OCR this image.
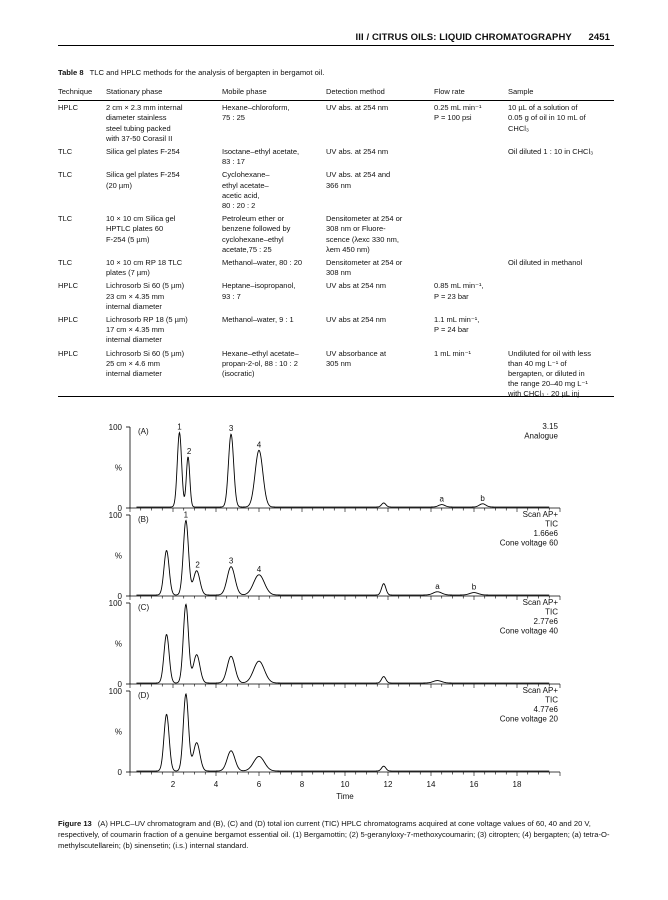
III / CITRUS OILS: LIQUID CHROMATOGRAPHY 2451
Table 8 TLC and HPLC methods for the analysis of bergapten in bergamot oil.
Technique	Stationary phase	Mobile phase	Detection method	Flow rate	Sample
HPLC	2 cm × 2.3 mm internal
diameter stainless
steel tubing packed
with 37-50 Corasil II	Hexane–chloroform,
75 : 25	UV abs. at 254 nm	0.25 mL min⁻¹
P = 100 psi	10 µL of a solution of
0.05 g of oil in 10 mL of
CHCl₃
TLC	Silica gel plates F-254	Isoctane–ethyl acetate,
83 : 17	UV abs. at 254 nm		Oil diluted 1 : 10 in CHCl₃
TLC	Silica gel plates F-254
(20 µm)	Cyclohexane–
ethyl acetate–
acetic acid,
80 : 20 : 2	UV abs. at 254 and
366 nm		
TLC	10 × 10 cm Silica gel
HPTLC plates 60
F-254 (5 µm)	Petroleum ether or
benzene followed by
cyclohexane–ethyl
acetate,75 : 25	Densitometer at 254 or
308 nm or Fluore-
scence (λexc 330 nm,
λem 450 nm)		
TLC	10 × 10 cm RP 18 TLC
plates (7 µm)	Methanol–water, 80 : 20	Densitometer at 254 or
308 nm		Oil diluted in methanol
HPLC	Lichrosorb Si 60 (5 µm)
23 cm × 4.35 mm
internal diameter	Heptane–isopropanol,
93 : 7	UV abs at 254 nm	0.85 mL min⁻¹,
P = 23 bar	
HPLC	Lichrosorb RP 18 (5 µm)
17 cm × 4.35 mm
internal diameter	Methanol–water, 9 : 1	UV abs at 254 nm	1.1 mL min⁻¹,
P = 24 bar	
HPLC	Lichrosorb Si 60 (5 µm)
25 cm × 4.6 mm
internal diameter	Hexane–ethyl acetate–
propan-2-ol, 88 : 10 : 2
(isocratic)	UV absorbance at
305 nm	1 mL min⁻¹	Undiluted for oil with less
than 40 mg L⁻¹ of
bergapten, or diluted in
the range 20–40 mg L⁻¹
with CHCl₃ · 20 µL inj
100
%
0
1
2
3
4
a	b
(A)
3.15
Analogue
100
%
0
1
2	3
4
a	b
(B)
Scan AP+
TIC
1.66e6
Cone voltage 60
100
%
0
(C)
Scan AP+
TIC
2.77e6
Cone voltage 40
100
%
0
(D)
Scan AP+
TIC
4.77e6
Cone voltage 20
2	4	6	8	10	12	14	16	18
Time
Figure 13 (A) HPLC–UV chromatogram and (B), (C) and (D) total ion current (TIC) HPLC chromatograms acquired at cone voltage values of 60, 40 and 20 V, respectively, of coumarin fraction of a genuine bergamot essential oil. (1) Bergamottin; (2) 5-geranyloxy-7-methoxycoumarin; (3) citropten; (4) bergapten; (a) tetra-O-methylscutellarein; (b) sinensetin; (i.s.) internal standard.
